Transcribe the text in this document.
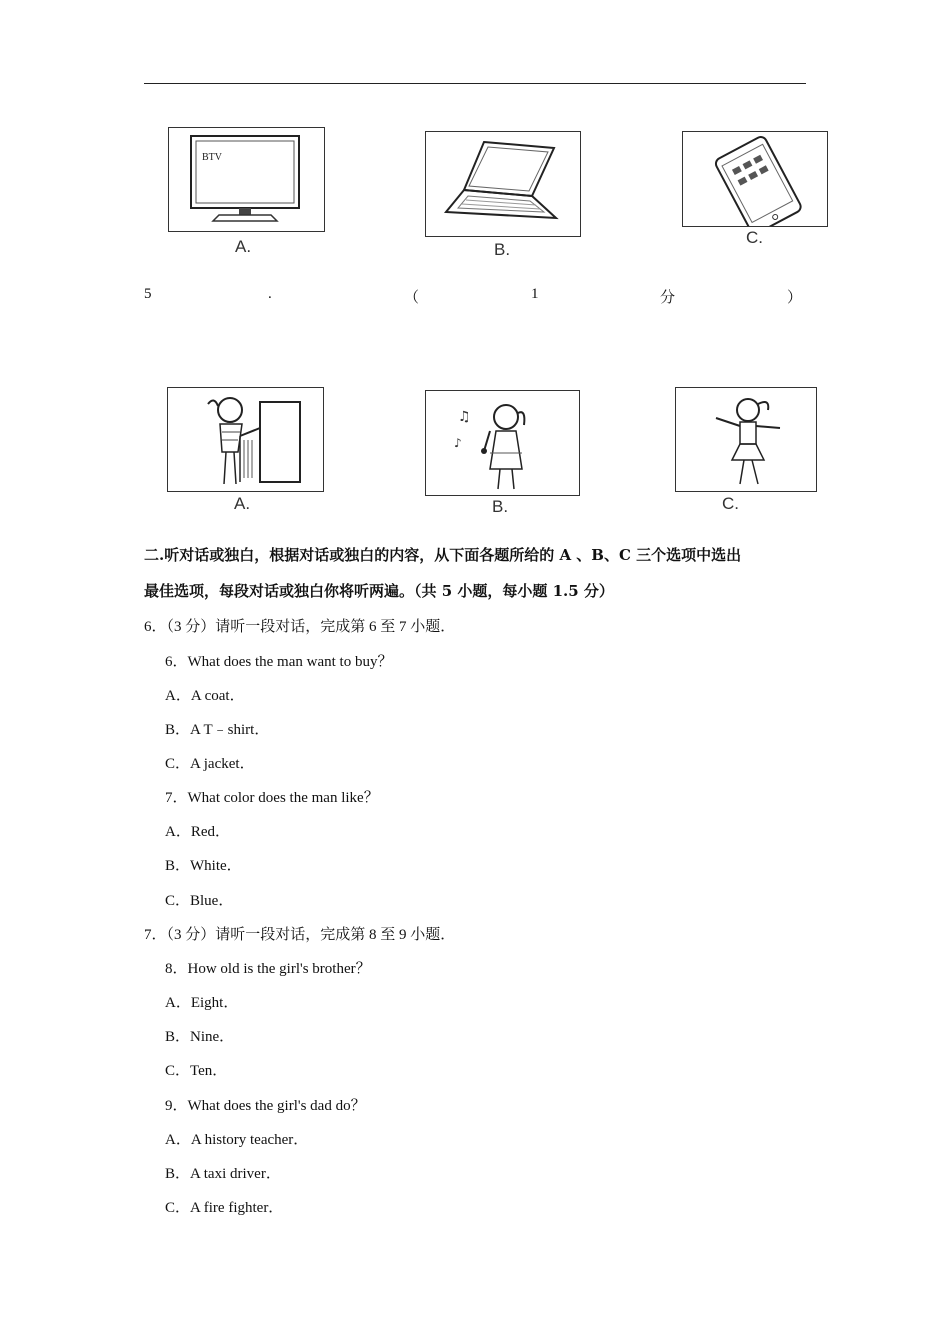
BTV
A.	B.
C.
5	.	（	1	分	）
A.
♫
♪
B.	C.
二.听对话或独白，根据对话或独白的内容，从下面各题所给的 A 、B、C 三个选项中选出
最佳选项，每段对话或独白你将听两遍。（共 5 小题，每小题 1.5 分）
6．（3 分）请听一段对话，完成第 6 至 7 小题．
6．What does the man want to buy？
A．A coat．
B．A T﹣shirt．
C．A jacket．
7．What color does the man like？
A．Red．
B．White．
C．Blue．
7．（3 分）请听一段对话，完成第 8 至 9 小题．
8．How old is the girl's brother？
A．Eight．
B．Nine．
C．Ten．
9．What does the girl's dad do？
A．A history teacher．
B．A taxi driver．
C．A fire fighter．
